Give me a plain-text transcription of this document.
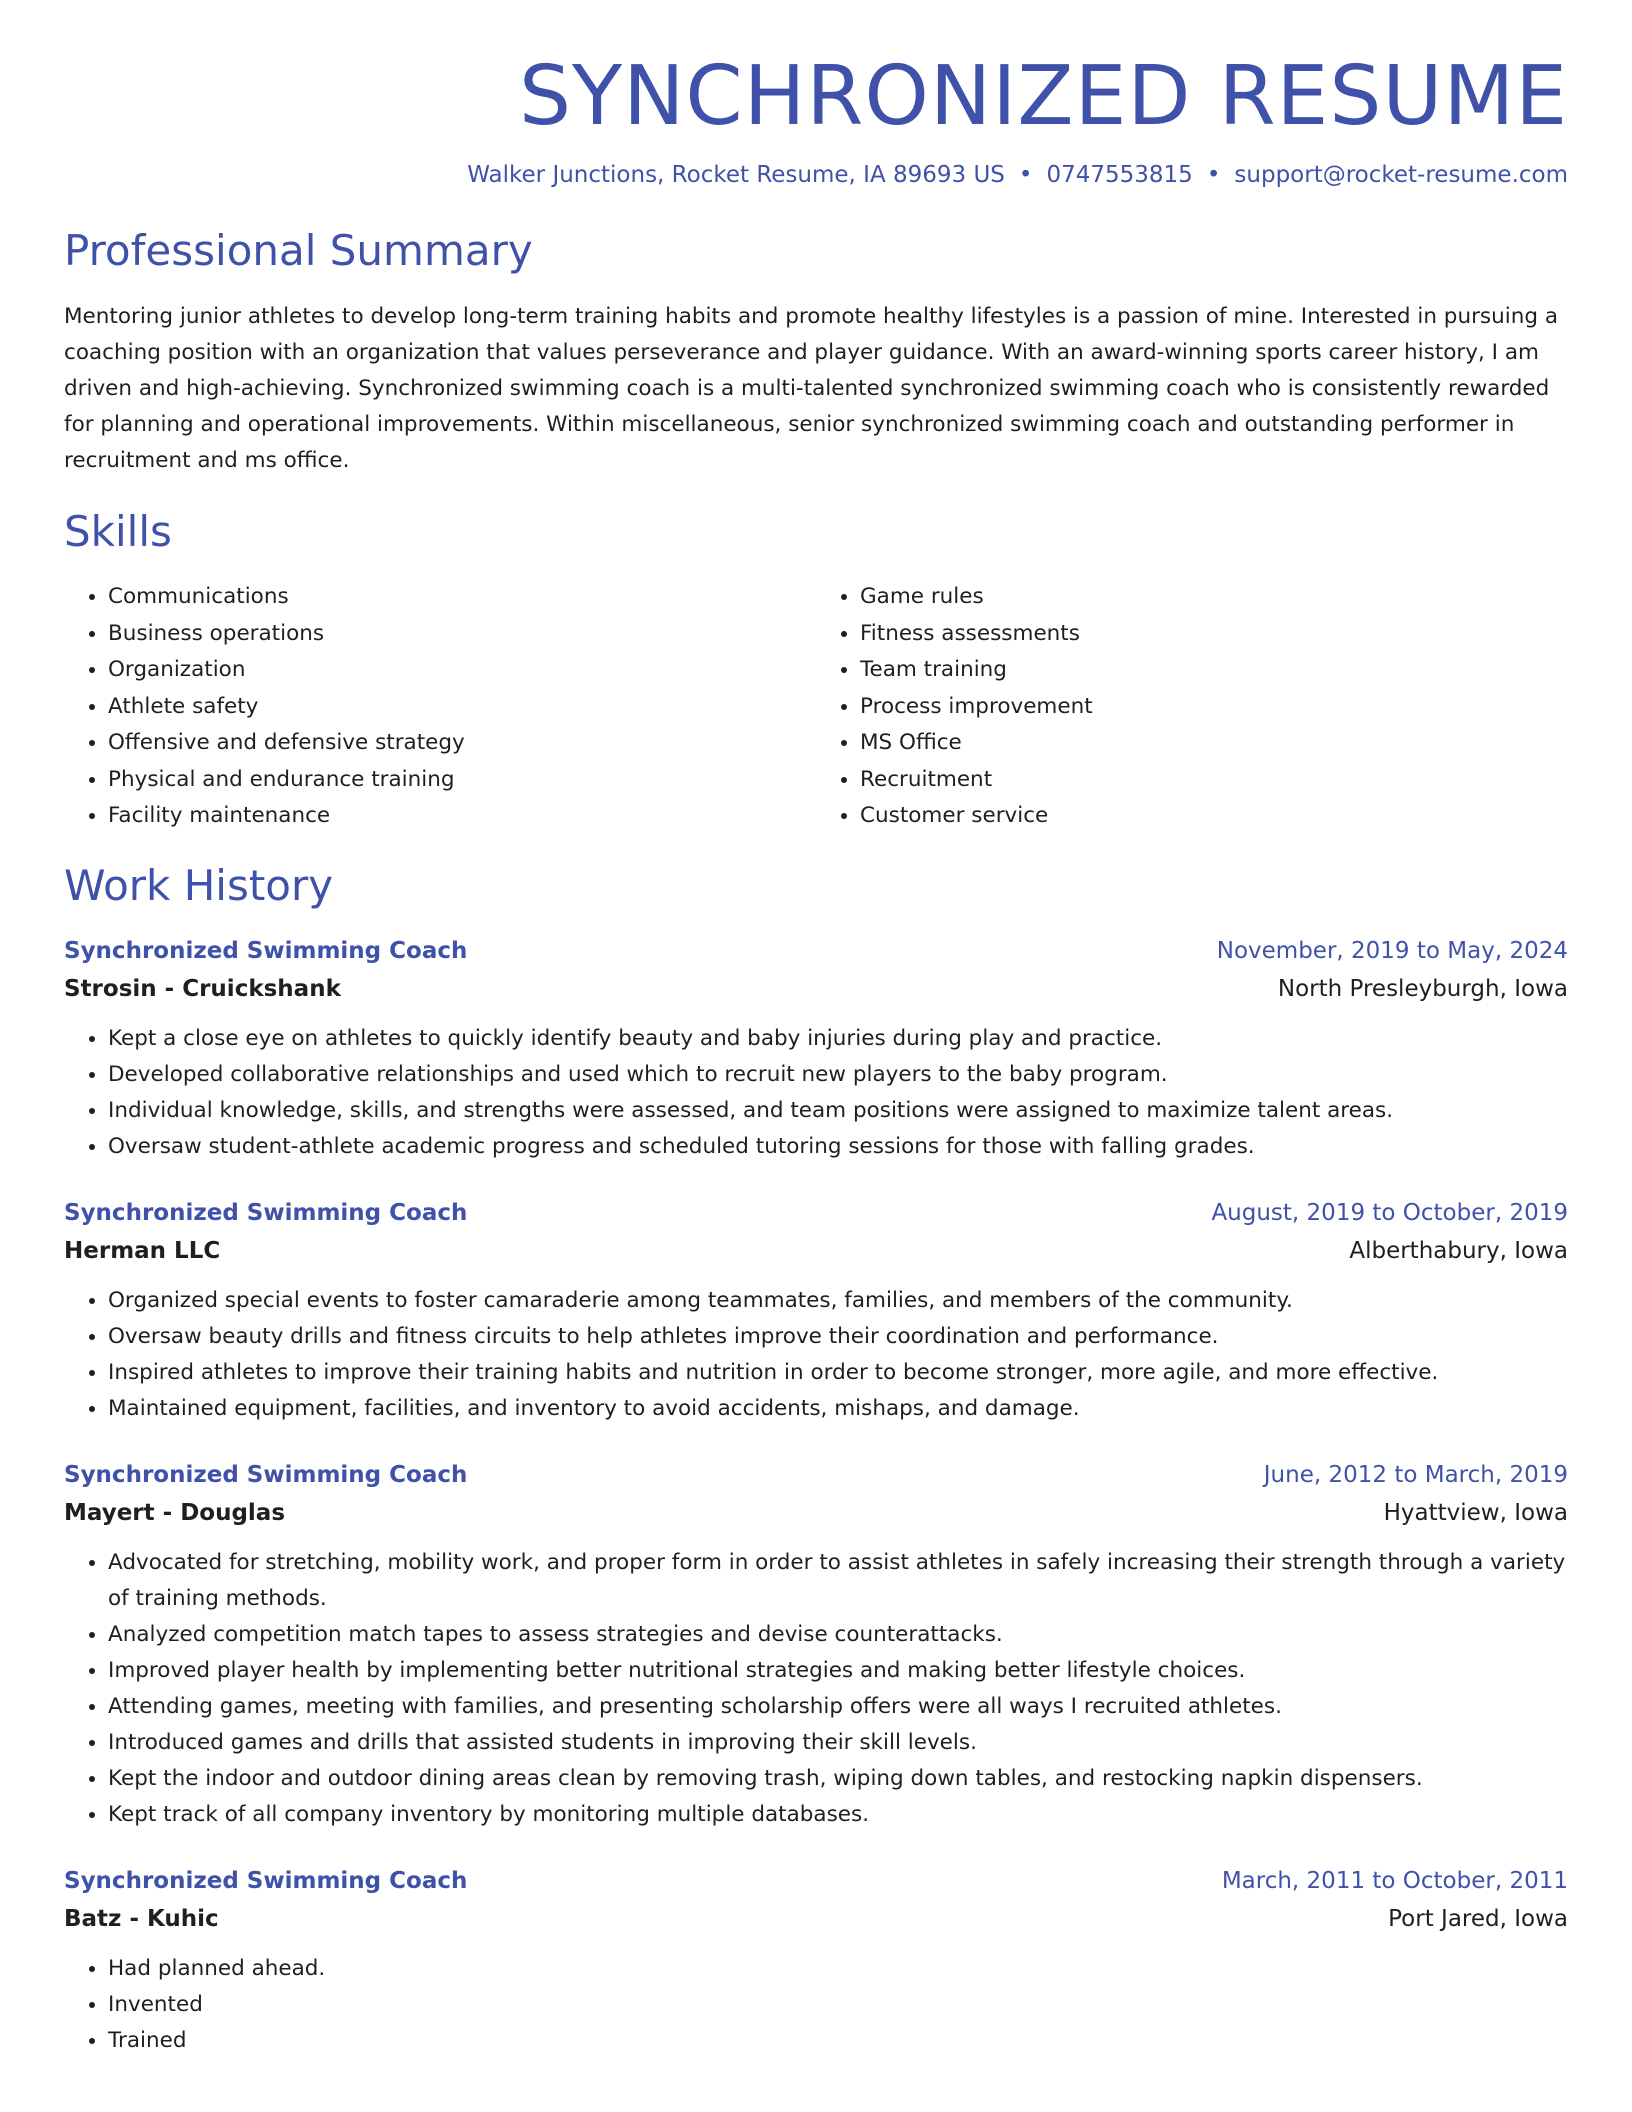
SYNCHRONIZED RESUME
Walker Junctions, Rocket Resume, IA 89693 US • 0747553815 • support@rocket-resume.com
Professional Summary
Mentoring junior athletes to develop long-term training habits and promote healthy lifestyles is a passion of mine. Interested in pursuing a coaching position with an organization that values perseverance and player guidance. With an award-winning sports career history, I am driven and high-achieving. Synchronized swimming coach is a multi-talented synchronized swimming coach who is consistently rewarded for planning and operational improvements. Within miscellaneous, senior synchronized swimming coach and outstanding performer in recruitment and ms office.
Skills
• Communications
• Business operations
• Organization
• Athlete safety
• Offensive and defensive strategy
• Physical and endurance training
• Facility maintenance
• Game rules
• Fitness assessments
• Team training
• Process improvement
• MS Office
• Recruitment
• Customer service
Work History
Synchronized Swimming Coach	November, 2019 to May, 2024
Strosin - Cruickshank	North Presleyburgh, Iowa
• Kept a close eye on athletes to quickly identify beauty and baby injuries during play and practice.
• Developed collaborative relationships and used which to recruit new players to the baby program.
• Individual knowledge, skills, and strengths were assessed, and team positions were assigned to maximize talent areas.
• Oversaw student-athlete academic progress and scheduled tutoring sessions for those with falling grades.
Synchronized Swimming Coach	August, 2019 to October, 2019
Herman LLC	Alberthabury, Iowa
• Organized special events to foster camaraderie among teammates, families, and members of the community.
• Oversaw beauty drills and fitness circuits to help athletes improve their coordination and performance.
• Inspired athletes to improve their training habits and nutrition in order to become stronger, more agile, and more effective.
• Maintained equipment, facilities, and inventory to avoid accidents, mishaps, and damage.
Synchronized Swimming Coach	June, 2012 to March, 2019
Mayert - Douglas	Hyattview, Iowa
• Advocated for stretching, mobility work, and proper form in order to assist athletes in safely increasing their strength through a variety of training methods.
• Analyzed competition match tapes to assess strategies and devise counterattacks.
• Improved player health by implementing better nutritional strategies and making better lifestyle choices.
• Attending games, meeting with families, and presenting scholarship offers were all ways I recruited athletes.
• Introduced games and drills that assisted students in improving their skill levels.
• Kept the indoor and outdoor dining areas clean by removing trash, wiping down tables, and restocking napkin dispensers.
• Kept track of all company inventory by monitoring multiple databases.
Synchronized Swimming Coach	March, 2011 to October, 2011
Batz - Kuhic	Port Jared, Iowa
• Had planned ahead.
• Invented
• Trained
